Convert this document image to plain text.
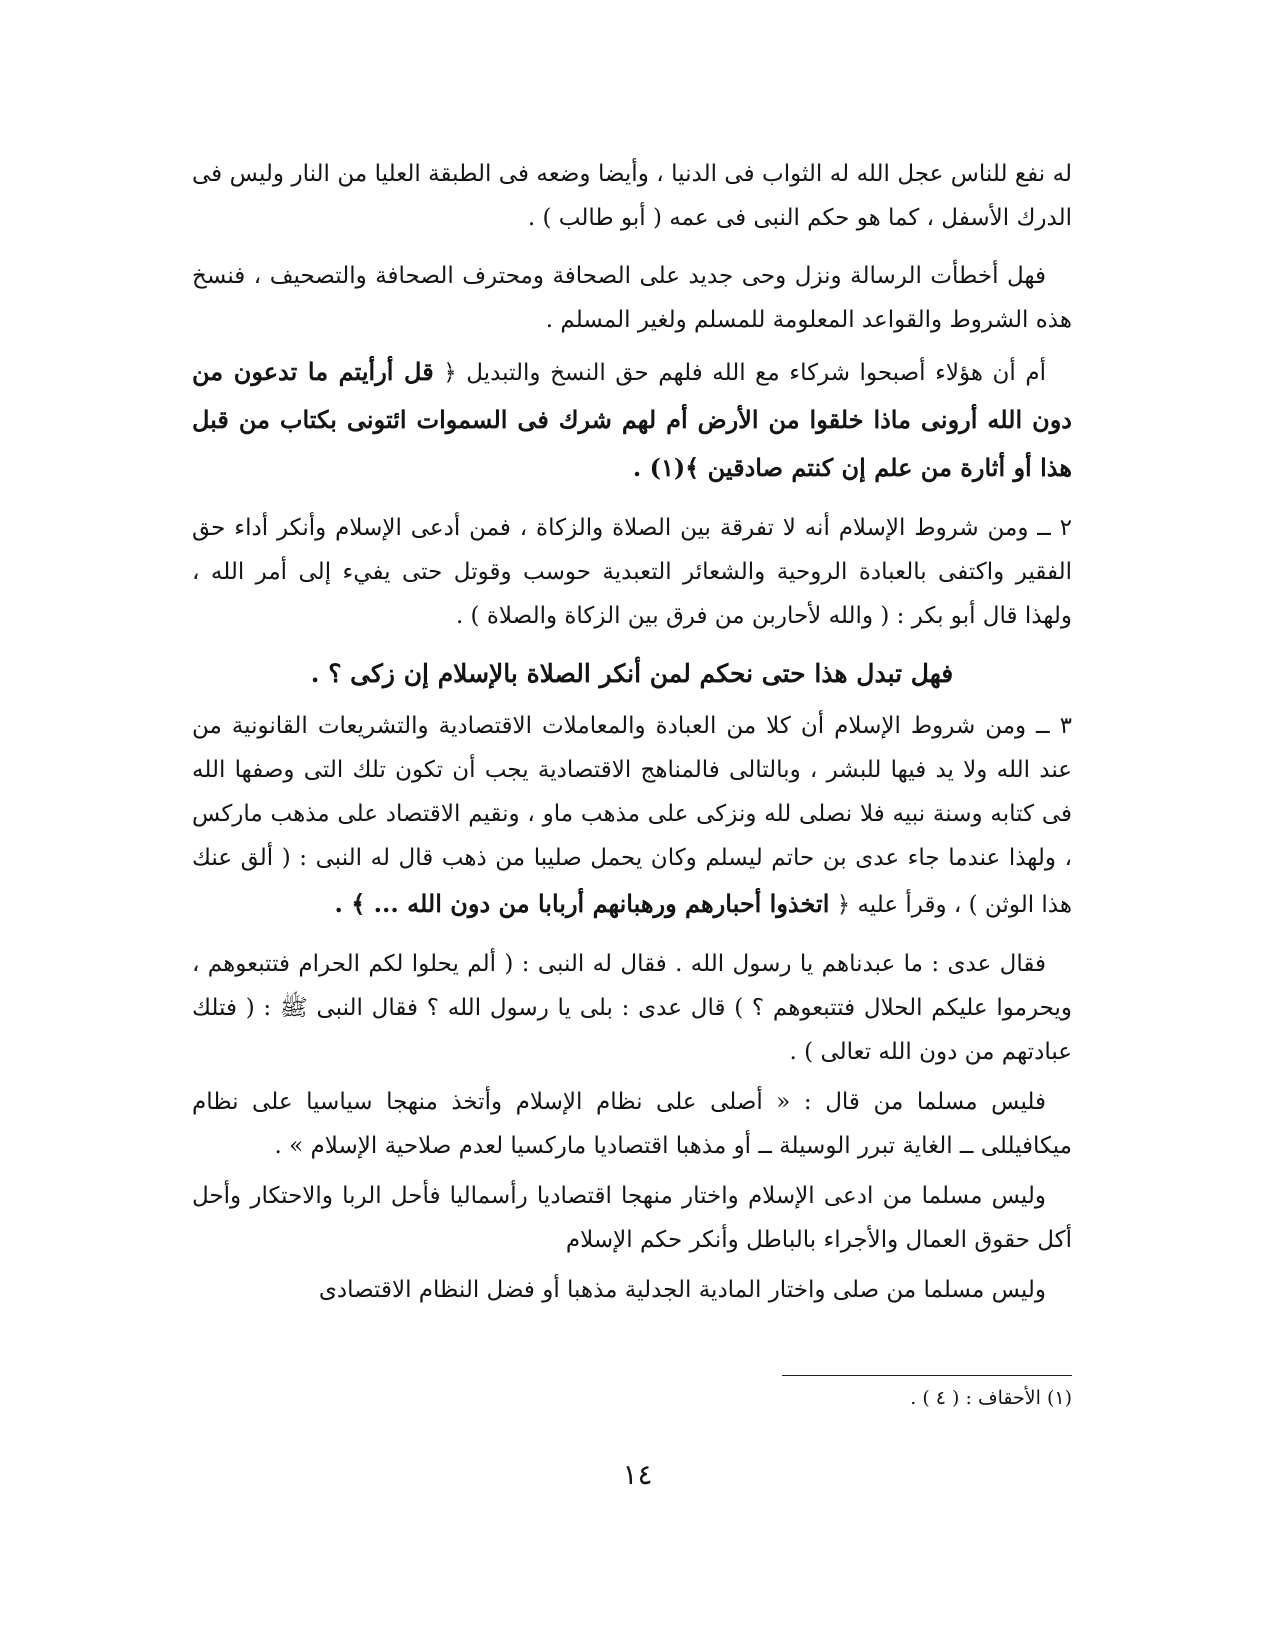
له نفع للناس عجل الله له الثواب فى الدنيا ، وأيضا وضعه فى الطبقة العليا من النار وليس فى الدرك الأسفل ، كما هو حكم النبى فى عمه ( أبو طالب ) .

فهل أخطأت الرسالة ونزل وحى جديد على الصحافة ومحترف الصحافة والتصحيف ، فنسخ هذه الشروط والقواعد المعلومة للمسلم ولغير المسلم .

أم أن هؤلاء أصبحوا شركاء مع الله فلهم حق النسخ والتبديل ﴿ قل أرأيتم ما تدعون من دون الله أرونى ماذا خلقوا من الأرض أم لهم شرك فى السموات ائتونى بكتاب من قبل هذا أو أثارة من علم إن كنتم صادقين ﴾(١) .

٢ ــ ومن شروط الإسلام أنه لا تفرقة بين الصلاة والزكاة ، فمن أدعى الإسلام وأنكر أداء حق الفقير واكتفى بالعبادة الروحية والشعائر التعبدية حوسب وقوتل حتى يفيء إلى أمر الله ، ولهذا قال أبو بكر : ( والله لأحاربن من فرق بين الزكاة والصلاة ) .

فهل تبدل هذا حتى نحكم لمن أنكر الصلاة بالإسلام إن زكى ؟ .

٣ ــ ومن شروط الإسلام أن كلا من العبادة والمعاملات الاقتصادية والتشريعات القانونية من عند الله ولا يد فيها للبشر ، وبالتالى فالمناهج الاقتصادية يجب أن تكون تلك التى وصفها الله فى كتابه وسنة نبيه فلا نصلى لله ونزكى على مذهب ماو ، ونقيم الاقتصاد على مذهب ماركس ، ولهذا عندما جاء عدى بن حاتم ليسلم وكان يحمل صليبا من ذهب قال له النبى : ( ألق عنك هذا الوثن ) ، وقرأ عليه ﴿ اتخذوا أحبارهم ورهبانهم أربابا من دون الله ... ﴾ .

فقال عدى : ما عبدناهم يا رسول الله . فقال له النبى : ( ألم يحلوا لكم الحرام فتتبعوهم ، ويحرموا عليكم الحلال فتتبعوهم ؟ ) قال عدى : بلى يا رسول الله ؟ فقال النبى ﷺ : ( فتلك عبادتهم من دون الله تعالى ) .

فليس مسلما من قال : « أصلى على نظام الإسلام وأتخذ منهجا سياسيا على نظام ميكافيللى ــ الغاية تبرر الوسيلة ــ أو مذهبا اقتصاديا ماركسيا لعدم صلاحية الإسلام » .

وليس مسلما من ادعى الإسلام واختار منهجا اقتصاديا رأسماليا فأحل الربا والاحتكار وأحل أكل حقوق العمال والأجراء بالباطل وأنكر حكم الإسلام

وليس مسلما من صلى واختار المادية الجدلية مذهبا أو فضل النظام الاقتصادى

(١) الأحقاف : ( ٤ ) .
١٤
